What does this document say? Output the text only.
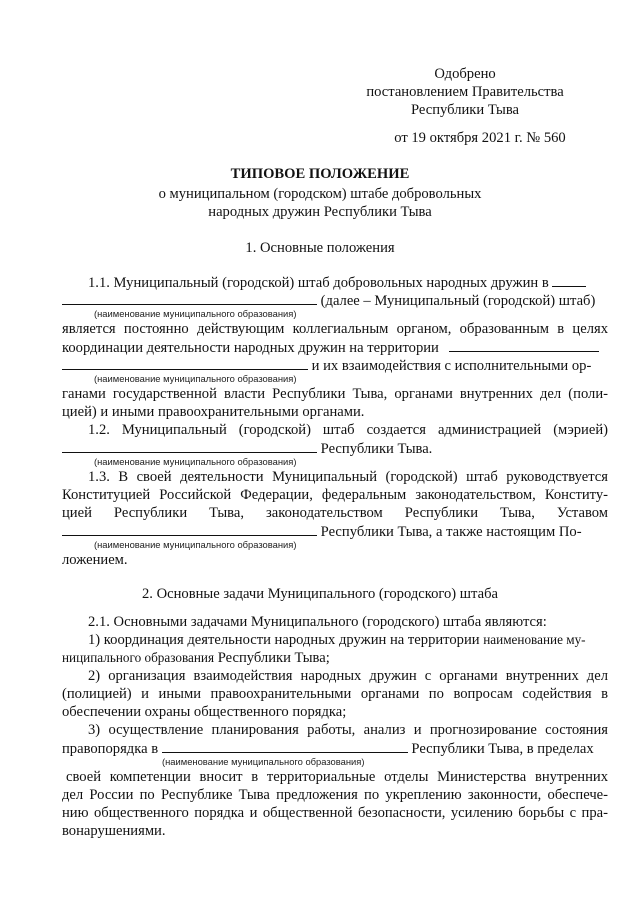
Одобрено
постановлением Правительства
Республики Тыва
от 19 октября 2021 г. № 560
ТИПОВОЕ ПОЛОЖЕНИЕ
о муниципальном (городском) штабе добровольных
народных дружин Республики Тыва
1. Основные положения
1.1. Муниципальный (городской) штаб добровольных народных дружин в
(далее – Муниципальный (городской) штаб)
(наименование муниципального образования)
является постоянно действующим коллегиальным органом, образованным в целях
координации деятельности народных дружин на территории
и их взаимодействия с исполнительными ор-
(наименование муниципального образования)
ганами государственной власти Республики Тыва, органами внутренних дел (поли-
цией) и иными правоохранительными органами.
1.2. Муниципальный (городской) штаб создается администрацией (мэрией)
Республики Тыва.
(наименование муниципального образования)
1.3. В своей деятельности Муниципальный (городской) штаб руководствуется
Конституцией Российской Федерации, федеральным законодательством, Конститу-
цией Республики Тыва, законодательством Республики Тыва, Уставом
Республики Тыва, а также настоящим По-
(наименование муниципального образования)
ложением.
2. Основные задачи Муниципального (городского) штаба
2.1. Основными задачами Муниципального (городского) штаба являются:
1) координация деятельности народных дружин на территории наименование му-
ниципального образования Республики Тыва;
2) организация взаимодействия народных дружин с органами внутренних дел
(полицией) и иными правоохранительными органами по вопросам содействия в
обеспечении охраны общественного порядка;
3) осуществление планирования работы, анализ и прогнозирование состояния
правопорядка в	Республики Тыва, в пределах
(наименование муниципального образования)
своей компетенции вносит в территориальные отделы Министерства внутренних
дел России по Республике Тыва предложения по укреплению законности, обеспече-
нию общественного порядка и общественной безопасности, усилению борьбы с пра-
вонарушениями.
